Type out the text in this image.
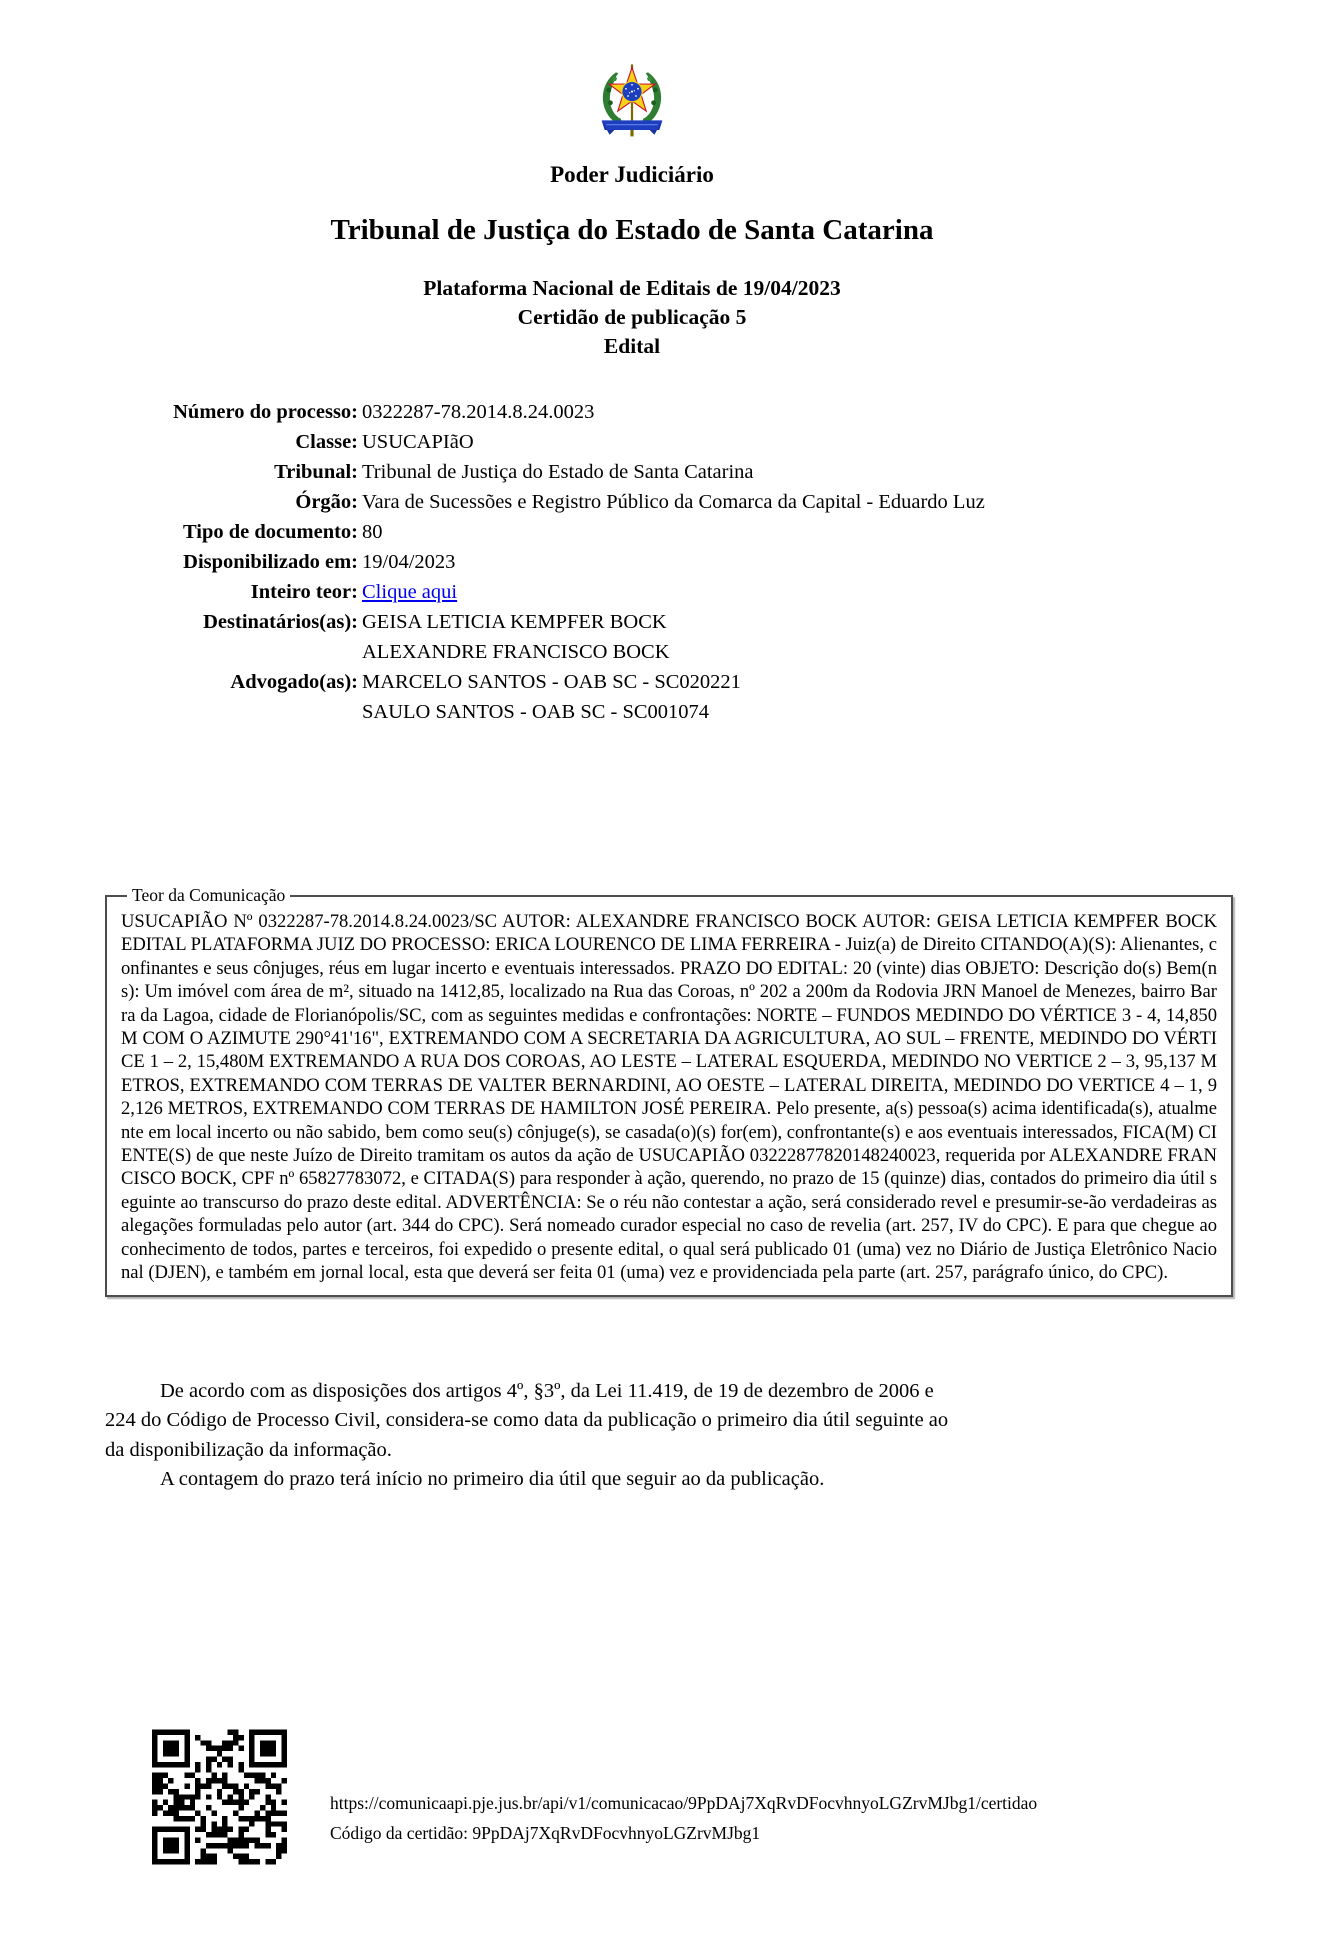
Poder Judiciário
Tribunal de Justiça do Estado de Santa Catarina
Plataforma Nacional de Editais de 19/04/2023
Certidão de publicação 5
Edital
Número do processo: 0322287-78.2014.8.24.0023
Classe: USUCAPIãO
Tribunal: Tribunal de Justiça do Estado de Santa Catarina
Órgão: Vara de Sucessões e Registro Público da Comarca da Capital - Eduardo Luz
Tipo de documento: 80
Disponibilizado em: 19/04/2023
Inteiro teor: Clique aqui
Destinatários(as): GEISA LETICIA KEMPFER BOCK
ALEXANDRE FRANCISCO BOCK
Advogado(as): MARCELO SANTOS - OAB SC - SC020221
SAULO SANTOS - OAB SC - SC001074
Teor da Comunicação
USUCAPIÃO Nº 0322287-78.2014.8.24.0023/SC AUTOR: ALEXANDRE FRANCISCO BOCK AUTOR: GEISA LETICIA KEMPFER BOCK EDITAL PLATAFORMA JUIZ DO PROCESSO: ERICA LOURENCO DE LIMA FERREIRA - Juiz(a) de Direito CITANDO(A)(S): Alienantes, confinantes e seus cônjuges, réus em lugar incerto e eventuais interessados. PRAZO DO EDITAL: 20 (vinte) dias OBJETO: Descrição do(s) Bem(ns): Um imóvel com área de m², situado na 1412,85, localizado na Rua das Coroas, nº 202 a 200m da Rodovia JRN Manoel de Menezes, bairro Barra da Lagoa, cidade de Florianópolis/SC, com as seguintes medidas e confrontações: NORTE – FUNDOS MEDINDO DO VÉRTICE 3 - 4, 14,850M COM O AZIMUTE 290°41'16", EXTREMANDO COM A SECRETARIA DA AGRICULTURA, AO SUL – FRENTE, MEDINDO DO VÉRTICE 1 – 2, 15,480M EXTREMANDO A RUA DOS COROAS, AO LESTE – LATERAL ESQUERDA, MEDINDO NO VERTICE 2 – 3, 95,137 METROS, EXTREMANDO COM TERRAS DE VALTER BERNARDINI, AO OESTE – LATERAL DIREITA, MEDINDO DO VERTICE 4 – 1, 92,126 METROS, EXTREMANDO COM TERRAS DE HAMILTON JOSÉ PEREIRA. Pelo presente, a(s) pessoa(s) acima identificada(s), atualmente em local incerto ou não sabido, bem como seu(s) cônjuge(s), se casada(o)(s) for(em), confrontante(s) e aos eventuais interessados, FICA(M) CIENTE(S) de que neste Juízo de Direito tramitam os autos da ação de USUCAPIÃO 03222877820148240023, requerida por ALEXANDRE FRANCISCO BOCK, CPF nº 65827783072, e CITADA(S) para responder à ação, querendo, no prazo de 15 (quinze) dias, contados do primeiro dia útil seguinte ao transcurso do prazo deste edital. ADVERTÊNCIA: Se o réu não contestar a ação, será considerado revel e presumir-se-ão verdadeiras as alegações formuladas pelo autor (art. 344 do CPC). Será nomeado curador especial no caso de revelia (art. 257, IV do CPC). E para que chegue ao conhecimento de todos, partes e terceiros, foi expedido o presente edital, o qual será publicado 01 (uma) vez no Diário de Justiça Eletrônico Nacional (DJEN), e também em jornal local, esta que deverá ser feita 01 (uma) vez e providenciada pela parte (art. 257, parágrafo único, do CPC).

De acordo com as disposições dos artigos 4º, §3º, da Lei 11.419, de 19 de dezembro de 2006 e 224 do Código de Processo Civil, considera-se como data da publicação o primeiro dia útil seguinte ao da disponibilização da informação.

A contagem do prazo terá início no primeiro dia útil que seguir ao da publicação.

https://comunicaapi.pje.jus.br/api/v1/comunicacao/9PpDAj7XqRvDFocvhnyoLGZrvMJbg1/certidao
Código da certidão: 9PpDAj7XqRvDFocvhnyoLGZrvMJbg1
